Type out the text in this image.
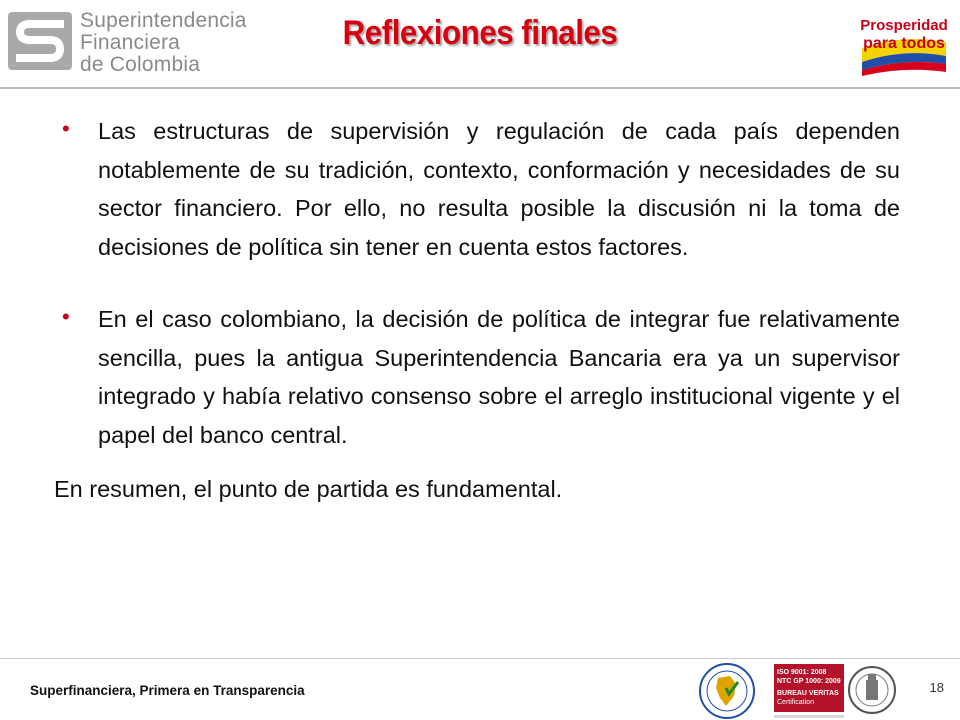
Superintendencia
Financiera
de Colombia
Reflexiones finales	Prosperidad
para todos
• Las estructuras de supervisión y regulación de cada país dependen notablemente de su tradición, contexto, conformación y necesidades de su sector financiero. Por ello, no resulta posible la discusión ni la toma de decisiones de política sin tener en cuenta estos factores.
• En el caso colombiano, la decisión de política de integrar fue relativamente sencilla, pues la antigua Superintendencia Bancaria era ya un supervisor integrado y había relativo consenso sobre el arreglo institucional vigente y el papel del banco central.
En resumen, el punto de partida es fundamental.
Superfinanciera, Primera en Transparencia
ISO 9001: 2008
NTC GP 1000: 2009
BUREAU VERITAS
Certification
18
